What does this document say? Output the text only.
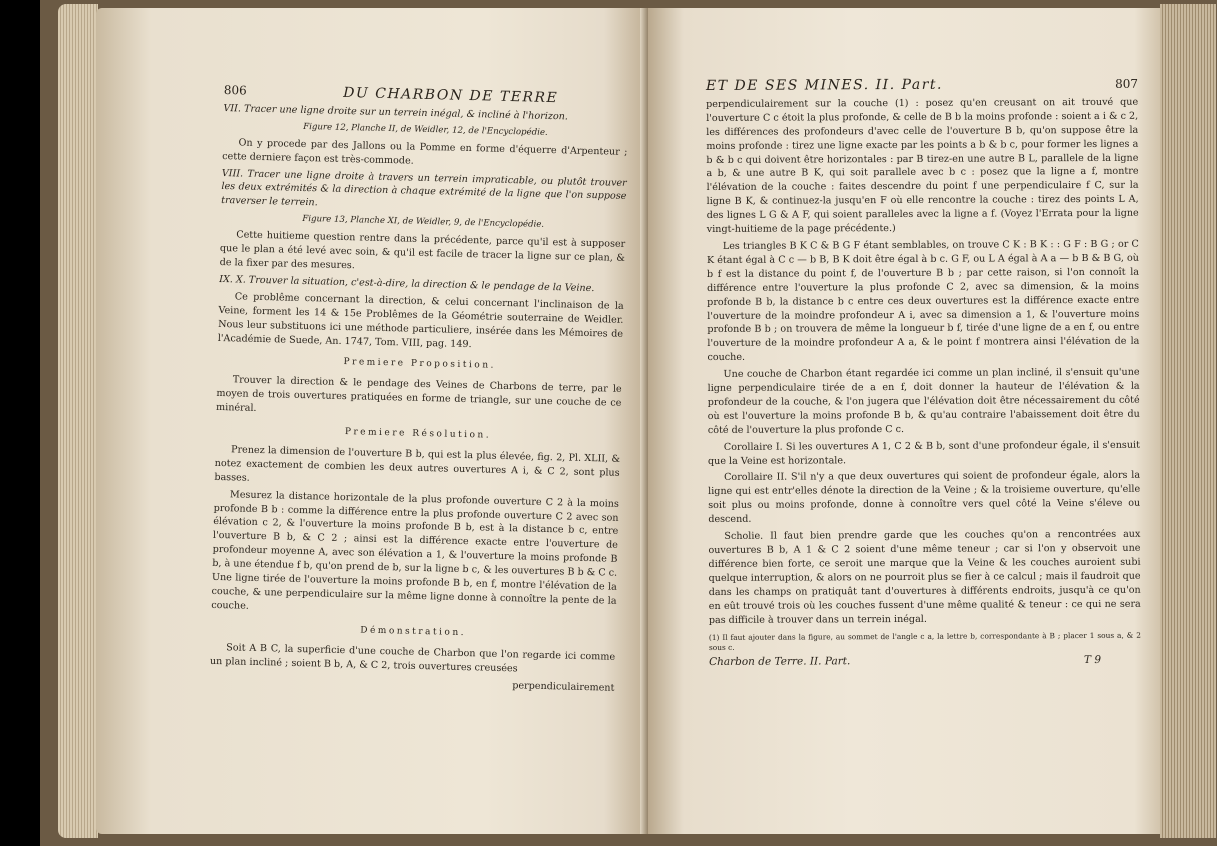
806	DU CHARBON DE TERRE

VII. Tracer une ligne droite sur un terrein inégal, & incliné à l'horizon.

Figure 12, Planche II, de Weidler, 12, de l'Encyclopédie.

On y procede par des Jallons ou la Pomme en forme d'équerre d'Arpenteur ; cette derniere façon est très-commode.

VIII. Tracer une ligne droite à travers un terrein impraticable, ou plutôt trouver les deux extrémités & la direction à chaque extrémité de la ligne que l'on suppose traverser le terrein.

Figure 13, Planche XI, de Weidler, 9, de l'Encyclopédie.

Cette huitieme question rentre dans la précédente, parce qu'il est à supposer que le plan a été levé avec soin, & qu'il est facile de tracer la ligne sur ce plan, & de la fixer par des mesures.

IX. X. Trouver la situation, c'est-à-dire, la direction & le pendage de la Veine.

Ce problême concernant la direction, & celui concernant l'inclinaison de la Veine, forment les 14 & 15e Problêmes de la Géométrie souterraine de Weidler. Nous leur substituons ici une méthode particuliere, insérée dans les Mémoires de l'Académie de Suede, An. 1747, Tom. VIII, pag. 149.

Premiere Proposition.

Trouver la direction & le pendage des Veines de Charbons de terre, par le moyen de trois ouvertures pratiquées en forme de triangle, sur une couche de ce minéral.

Premiere Résolution.

Prenez la dimension de l'ouverture B b, qui est la plus élevée, fig. 2, Pl. XLII, & notez exactement de combien les deux autres ouvertures A i, & C 2, sont plus basses.

Mesurez la distance horizontale de la plus profonde ouverture C 2 à la moins profonde B b : comme la différence entre la plus profonde ouverture C 2 avec son élévation c 2, & l'ouverture la moins profonde B b, est à la distance b c, entre l'ouverture B b, & C 2 ; ainsi est la différence exacte entre l'ouverture de profondeur moyenne A, avec son élévation a 1, & l'ouverture la moins profonde B b, à une étendue f b, qu'on prend de b, sur la ligne b c, & les ouvertures B b & C c. Une ligne tirée de l'ouverture la moins profonde B b, en f, montre l'élévation de la couche, & une perpendiculaire sur la même ligne donne à connoître la pente de la couche.

Démonstration.

Soit A B C, la superficie d'une couche de Charbon que l'on regarde ici comme un plan incliné ; soient B b, A, & C 2, trois ouvertures creusées

perpendiculairement
ET DE SES MINES. II. Part.	807

perpendiculairement sur la couche (1) : posez qu'en creusant on ait trouvé que l'ouverture C c étoit la plus profonde, & celle de B b la moins profonde : soient a i & c 2, les différences des profondeurs d'avec celle de l'ouverture B b, qu'on suppose être la moins profonde : tirez une ligne exacte par les points a b & b c, pour former les lignes a b & b c qui doivent être horizontales : par B tirez-en une autre B L, parallele de la ligne a b, & une autre B K, qui soit parallele avec b c : posez que la ligne a f, montre l'élévation de la couche : faites descendre du point f une perpendiculaire f C, sur la ligne B K, & continuez-la jusqu'en F où elle rencontre la couche : tirez des points L A, des lignes L G & A F, qui soient paralleles avec la ligne a f. (Voyez l'Errata pour la ligne vingt-huitieme de la page précédente.)

Les triangles B K C & B G F étant semblables, on trouve C K : B K : : G F : B G ; or C K étant égal à C c — b B, B K doit être égal à b c. G F, ou L A égal à A a — b B & B G, où b f est la distance du point f, de l'ouverture B b ; par cette raison, si l'on connoît la différence entre l'ouverture la plus profonde C 2, avec sa dimension, & la moins profonde B b, la distance b c entre ces deux ouvertures est la différence exacte entre l'ouverture de la moindre profondeur A i, avec sa dimension a 1, & l'ouverture moins profonde B b ; on trouvera de même la longueur b f, tirée d'une ligne de a en f, ou entre l'ouverture de la moindre profondeur A a, & le point f montrera ainsi l'élévation de la couche.

Une couche de Charbon étant regardée ici comme un plan incliné, il s'ensuit qu'une ligne perpendiculaire tirée de a en f, doit donner la hauteur de l'élévation & la profondeur de la couche, & l'on jugera que l'élévation doit être nécessairement du côté où est l'ouverture la moins profonde B b, & qu'au contraire l'abaissement doit être du côté de l'ouverture la plus profonde C c.

Corollaire I. Si les ouvertures A 1, C 2 & B b, sont d'une profondeur égale, il s'ensuit que la Veine est horizontale.

Corollaire II. S'il n'y a que deux ouvertures qui soient de profondeur égale, alors la ligne qui est entr'elles dénote la direction de la Veine ; & la troisieme ouverture, qu'elle soit plus ou moins profonde, donne à connoître vers quel côté la Veine s'éleve ou descend.

Scholie. Il faut bien prendre garde que les couches qu'on a rencontrées aux ouvertures B b, A 1 & C 2 soient d'une même teneur ; car si l'on y observoit une différence bien forte, ce seroit une marque que la Veine & les couches auroient subi quelque interruption, & alors on ne pourroit plus se fier à ce calcul ; mais il faudroit que dans les champs on pratiquât tant d'ouvertures à différents endroits, jusqu'à ce qu'on en eût trouvé trois où les couches fussent d'une même qualité & teneur : ce qui ne sera pas difficile à trouver dans un terrein inégal.

(1) Il faut ajouter dans la figure, au sommet de l'angle c a, la lettre b, correspondante à B ; placer 1 sous a, & 2 sous c.

Charbon de Terre. II. Part.	T 9
